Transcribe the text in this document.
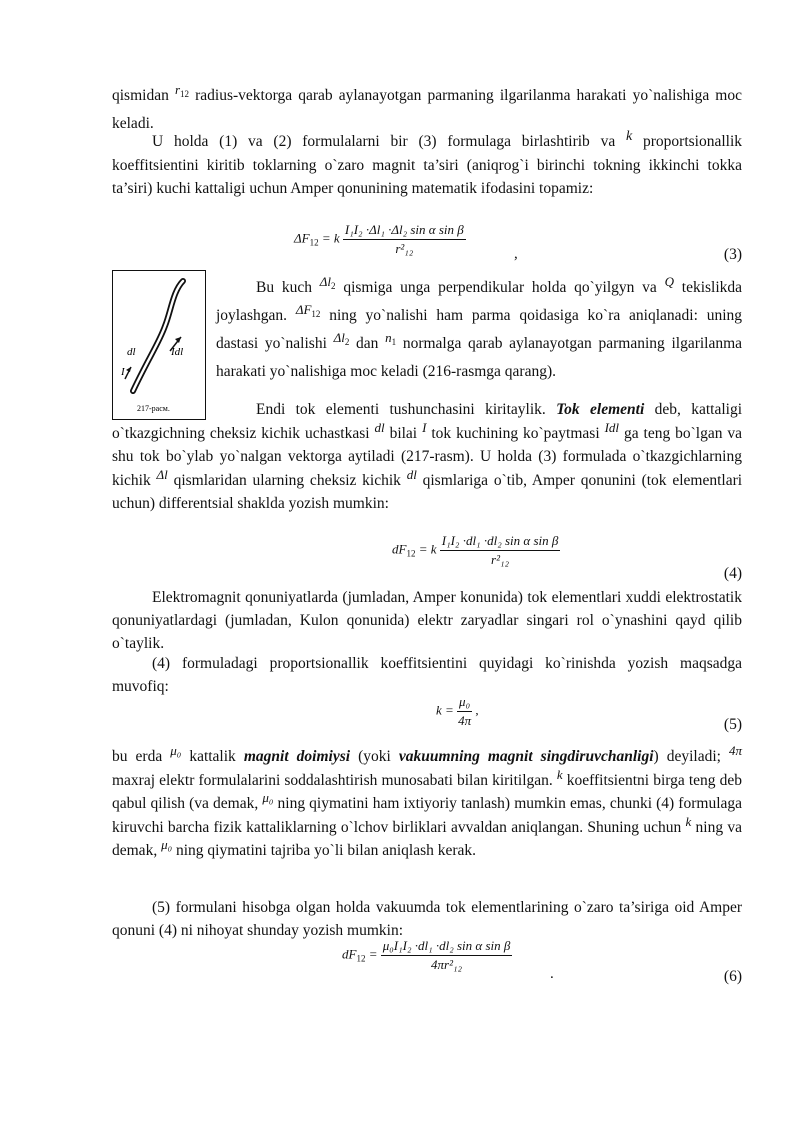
qismidan $^{r_{12}}$ radius-vektorga qarab aylanayotgan parmaning ilgarilanma harakati yo`nalishiga moc keladi.

U holda (1) va (2) formulalarni bir (3) formulaga birlashtirib va k proportsionallik koeffitsientini kiritib toklarning o`zaro magnit ta’siri (aniqrog`i birinchi tokning ikkinchi tokka ta’siri) kuchi kattaligi uchun Amper qonunining matematik ifodasini topamiz:

$\Delta F_{12} = k \frac{\text{I₁I₂ ·Δl₁ ·Δl₂ sin α sin β}}{\text{r²₁₂}}$	,	(3)
dl	Idl
I
217-расм.

Bu kuch $^{\Delta l_2}$ qismiga unga perpendikular holda qo`yilgyn va $^Q$ tekislikda joylashgan. $^{\Delta F_{12}}$ ning yo`nalishi ham parma qoidasiga ko`ra aniqlanadi: uning dastasi yo`nalishi $^{\Delta l_2}$ dan $^{n_1}$ normalga qarab aylanayotgan parmaning ilgarilanma harakati yo`nalishiga moc keladi (216-rasmga qarang).

Endi tok elementi tushunchasini kiritaylik. Tok elementi deb, kattaligi o`tkazgichning cheksiz kichik uchastkasi $^{dl}$ bilai $^I$ tok kuchining ko`paytmasi $^{Idl}$ ga teng bo`lgan va shu tok bo`ylab yo`nalgan vektorga aytiladi (217-rasm). U holda (3) formulada o`tkazgichlarning kichik $^{\Delta l}$ qismlaridan ularning cheksiz kichik $^{dl}$ qismlariga o`tib, Amper qonunini (tok elementlari uchun) differentsial shaklda yozish mumkin:

$dF_{12} = k \frac{\text{I₁I₂ ·dl₁ ·dl₂ sin α sin β}}{\text{r²₁₂}}$
(4)

Elektromagnit qonuniyatlarda (jumladan, Amper konunida) tok elementlari xuddi elektrostatik qonuniyatlardagi (jumladan, Kulon qonunida) elektr zaryadlar singari rol o`ynashini qayd qilib o`taylik.

(4) formuladagi proportsionallik koeffitsientini quyidagi ko`rinishda yozish maqsadga muvofiq:

$k = \frac{\text{μ₀}}{4\pi}$ ,
(5)

bu erda $^{\mu_0}$ kattalik magnit doimiysi (yoki vakuumning magnit singdiruvchanligi) deyiladi; $^{4\pi}$ maxraj elektr formulalarini soddalashtirish munosabati bilan kiritilgan. $^k$ koeffitsientni birga teng deb qabul qilish (va demak, $^{\mu_0}$ ning qiymatini ham ixtiyoriy tanlash) mumkin emas, chunki (4) formulaga kiruvchi barcha fizik kattaliklarning o`lchov birliklari avvaldan aniqlangan. Shuning uchun $^k$ ning va demak, $^{\mu_0}$ ning qiymatini tajriba yo`li bilan aniqlash kerak.

(5) formulani hisobga olgan holda vakuumda tok elementlarining o`zaro ta’siriga oid Amper qonuni (4) ni nihoyat shunday yozish mumkin:

$dF_{12} = \frac{\text{μ₀I₁I₂ ·dl₁ ·dl₂ sin α sin β}}{\text{4πr²₁₂}}$
.	(6)
